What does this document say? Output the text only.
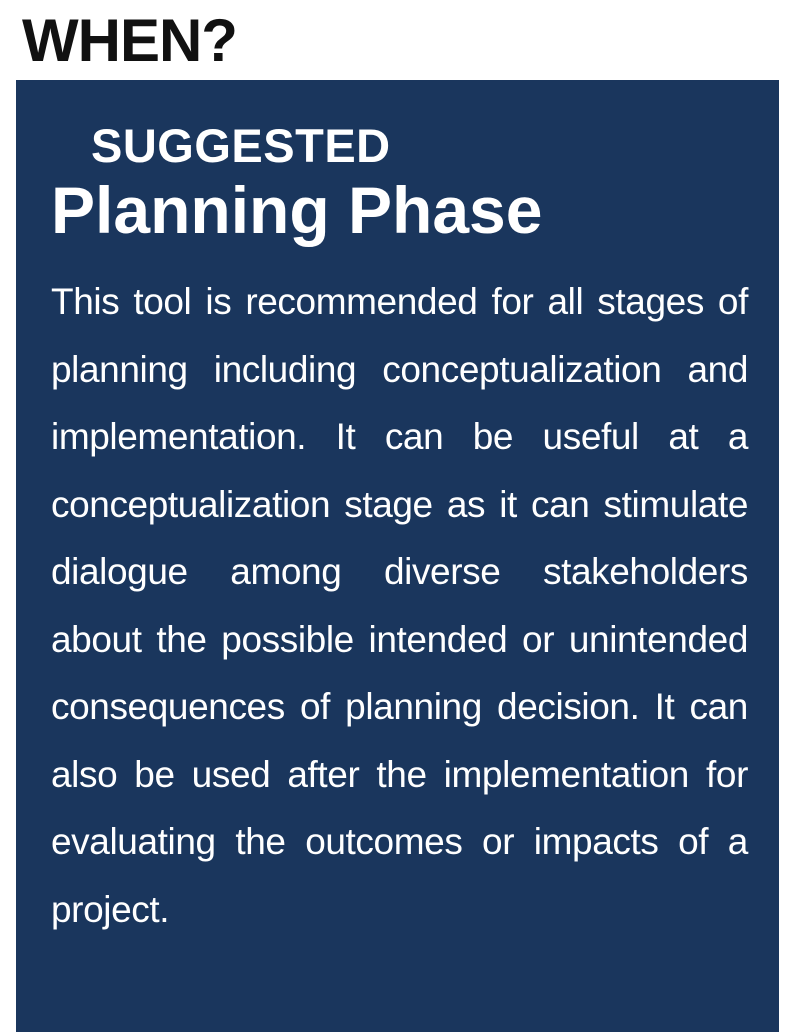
WHEN?
SUGGESTED
Planning Phase

This tool is recommended for all stages of planning including conceptualization and implementation. It can be useful at a conceptualization stage as it can stimulate dialogue among diverse stakeholders about the possible intended or unintended consequences of planning decision. It can also be used after the implementation for evaluating the outcomes or impacts of a project.
